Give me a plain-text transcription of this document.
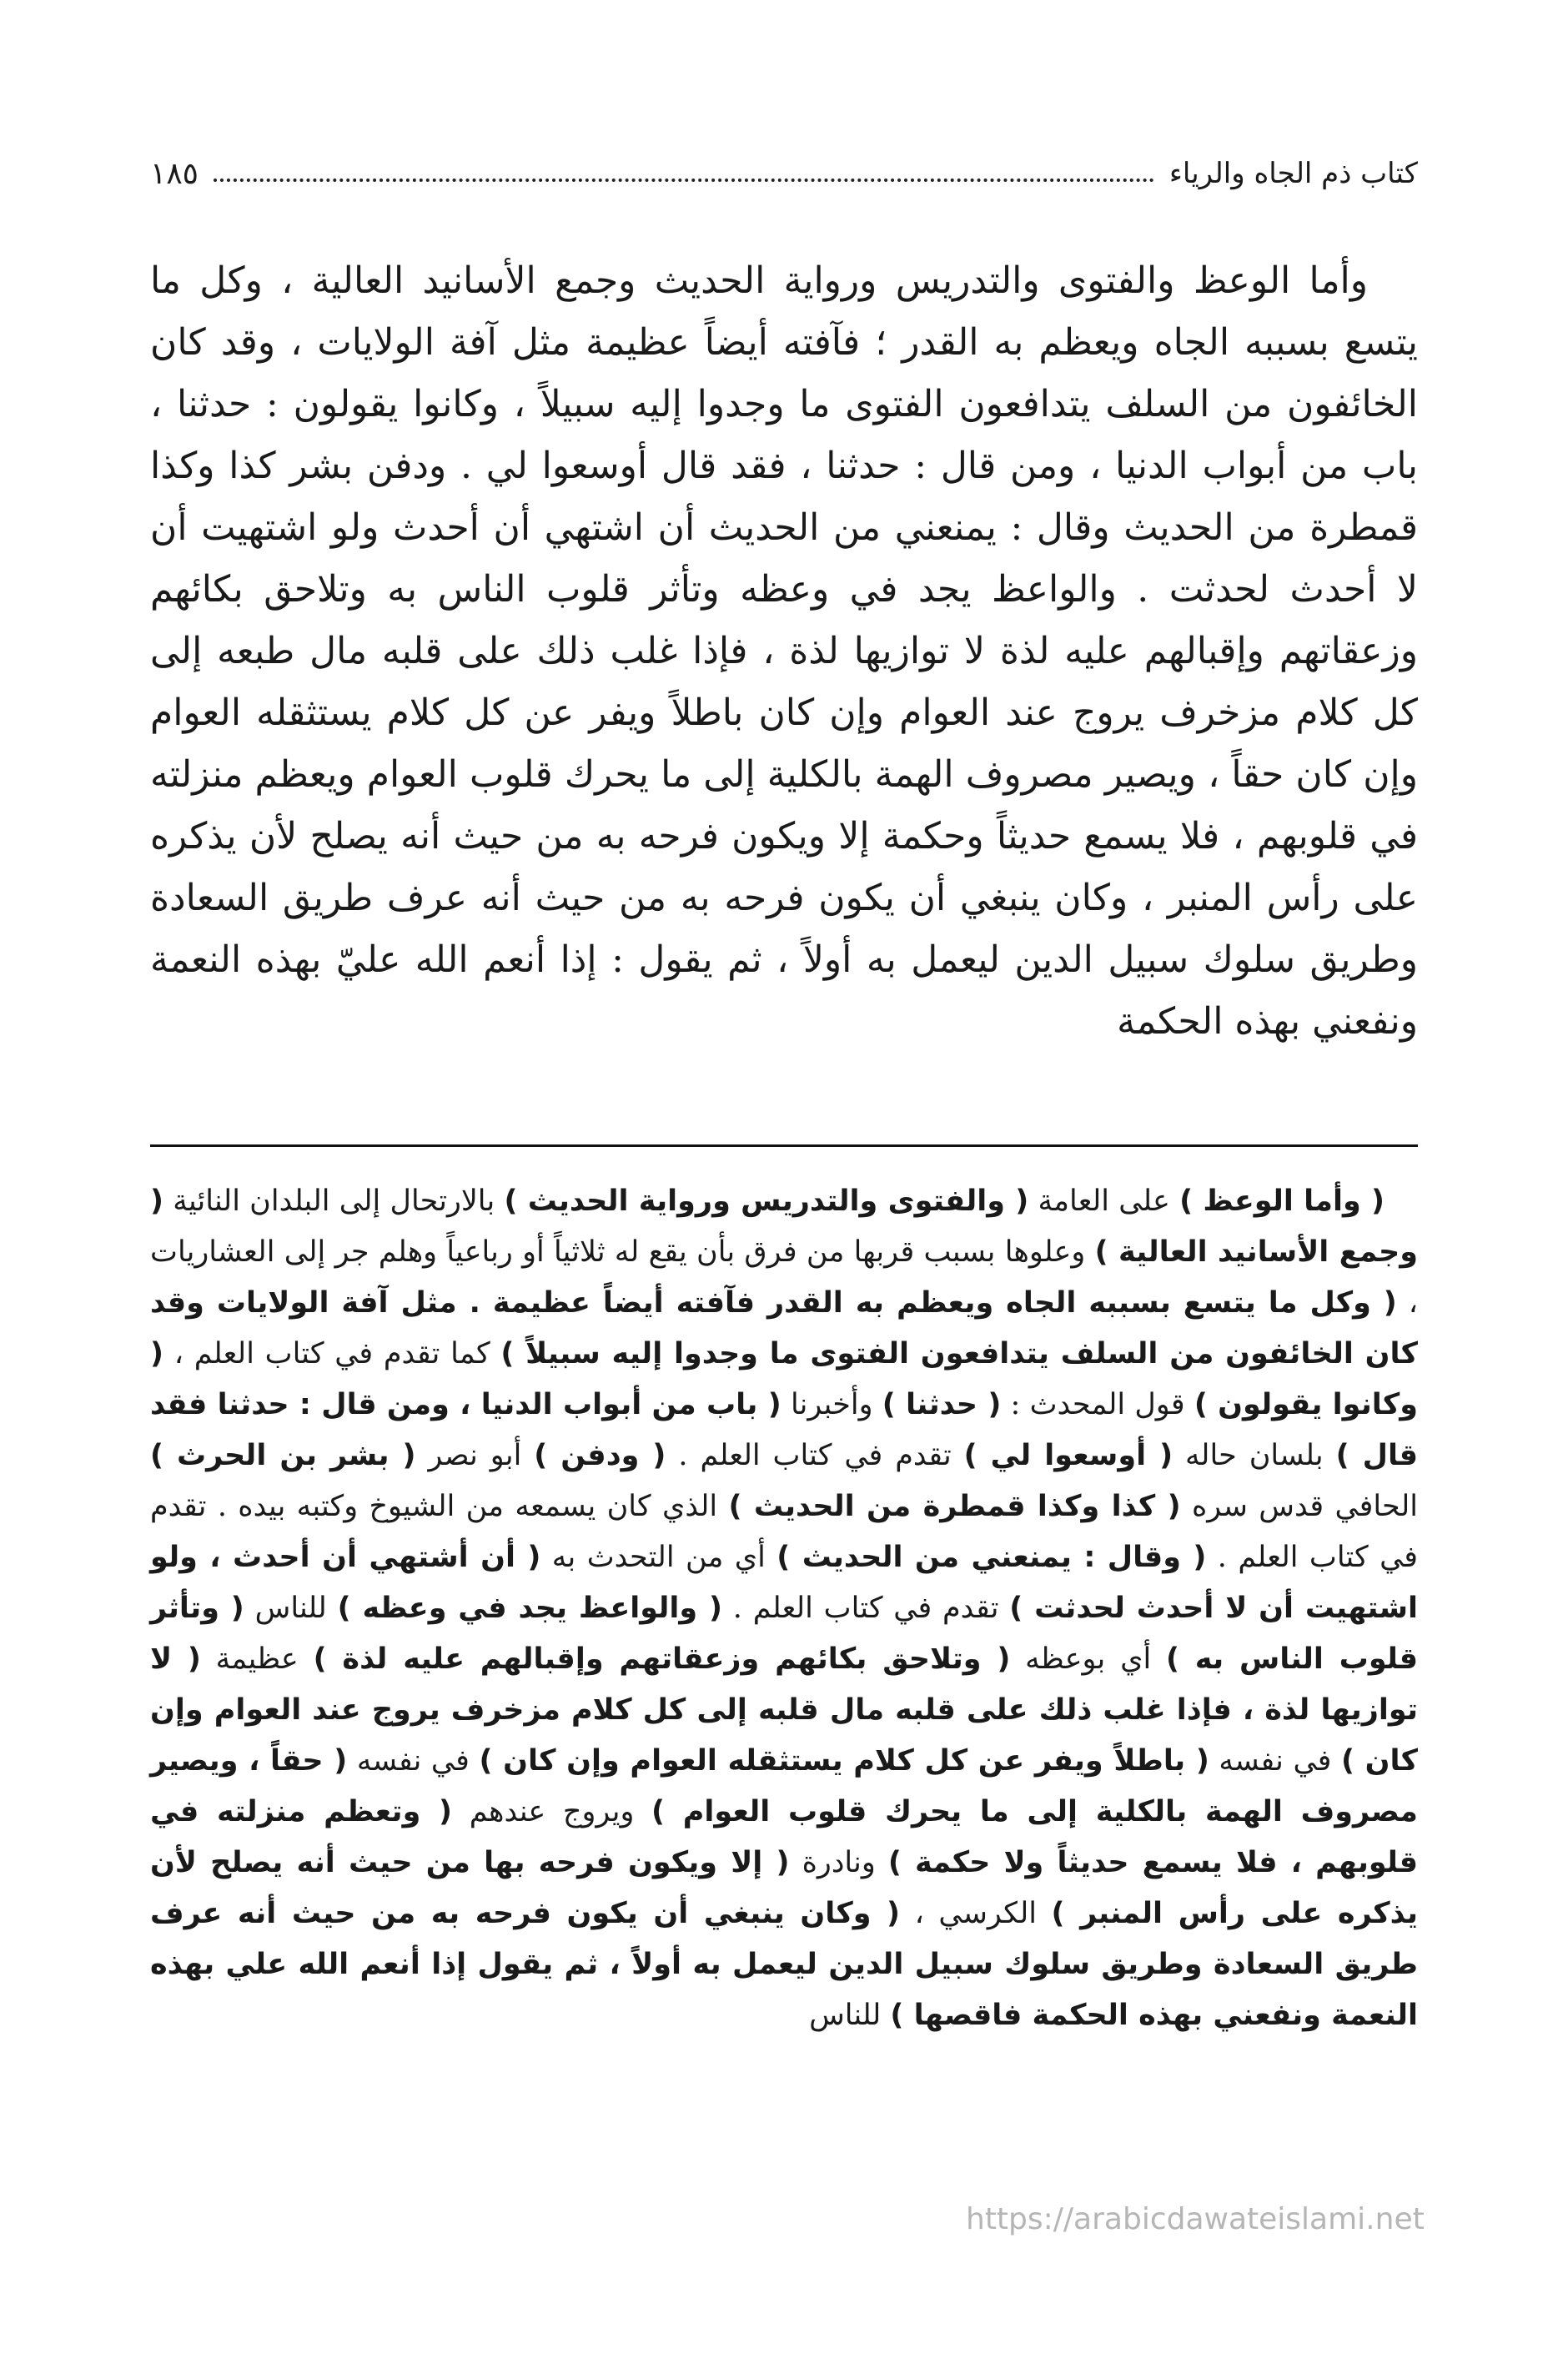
كتاب ذم الجاه والرياء
١٨٥

وأما الوعظ والفتوى والتدريس ورواية الحديث وجمع الأسانيد العالية ، وكل ما يتسع بسببه الجاه ويعظم به القدر ؛ فآفته أيضاً عظيمة مثل آفة الولايات ، وقد كان الخائفون من السلف يتدافعون الفتوى ما وجدوا إليه سبيلاً ، وكانوا يقولون : حدثنا ، باب من أبواب الدنيا ، ومن قال : حدثنا ، فقد قال أوسعوا لي . ودفن بشر كذا وكذا قمطرة من الحديث وقال : يمنعني من الحديث أن اشتهي أن أحدث ولو اشتهيت أن لا أحدث لحدثت . والواعظ يجد في وعظه وتأثر قلوب الناس به وتلاحق بكائهم وزعقاتهم وإقبالهم عليه لذة لا توازيها لذة ، فإذا غلب ذلك على قلبه مال طبعه إلى كل كلام مزخرف يروج عند العوام وإن كان باطلاً ويفر عن كل كلام يستثقله العوام وإن كان حقاً ، ويصير مصروف الهمة بالكلية إلى ما يحرك قلوب العوام ويعظم منزلته في قلوبهم ، فلا يسمع حديثاً وحكمة إلا ويكون فرحه به من حيث أنه يصلح لأن يذكره على رأس المنبر ، وكان ينبغي أن يكون فرحه به من حيث أنه عرف طريق السعادة وطريق سلوك سبيل الدين ليعمل به أولاً ، ثم يقول : إذا أنعم الله عليّ بهذه النعمة ونفعني بهذه الحكمة

( وأما الوعظ ) على العامة ( والفتوى والتدريس ورواية الحديث ) بالارتحال إلى البلدان النائية ( وجمع الأسانيد العالية ) وعلوها بسبب قربها من فرق بأن يقع له ثلاثياً أو رباعياً وهلم جر إلى العشاريات ، ( وكل ما يتسع بسببه الجاه ويعظم به القدر فآفته أيضاً عظيمة . مثل آفة الولايات وقد كان الخائفون من السلف يتدافعون الفتوى ما وجدوا إليه سبيلاً ) كما تقدم في كتاب العلم ، ( وكانوا يقولون ) قول المحدث : ( حدثنا ) وأخبرنا ( باب من أبواب الدنيا ، ومن قال : حدثنا فقد قال ) بلسان حاله ( أوسعوا لي ) تقدم في كتاب العلم . ( ودفن ) أبو نصر ( بشر بن الحرث ) الحافي قدس سره ( كذا وكذا قمطرة من الحديث ) الذي كان يسمعه من الشيوخ وكتبه بيده . تقدم في كتاب العلم . ( وقال : يمنعني من الحديث ) أي من التحدث به ( أن أشتهي أن أحدث ، ولو اشتهيت أن لا أحدث لحدثت ) تقدم في كتاب العلم . ( والواعظ يجد في وعظه ) للناس ( وتأثر قلوب الناس به ) أي بوعظه ( وتلاحق بكائهم وزعقاتهم وإقبالهم عليه لذة ) عظيمة ( لا توازيها لذة ، فإذا غلب ذلك على قلبه مال قلبه إلى كل كلام مزخرف يروج عند العوام وإن كان ) في نفسه ( باطلاً ويفر عن كل كلام يستثقله العوام وإن كان ) في نفسه ( حقاً ، ويصير مصروف الهمة بالكلية إلى ما يحرك قلوب العوام ) ويروج عندهم ( وتعظم منزلته في قلوبهم ، فلا يسمع حديثاً ولا حكمة ) ونادرة ( إلا ويكون فرحه بها من حيث أنه يصلح لأن يذكره على رأس المنبر ) الكرسي ، ( وكان ينبغي أن يكون فرحه به من حيث أنه عرف طريق السعادة وطريق سلوك سبيل الدين ليعمل به أولاً ، ثم يقول إذا أنعم الله علي بهذه النعمة ونفعني بهذه الحكمة فاقصها ) للناس

https://arabicdawateislami.net
